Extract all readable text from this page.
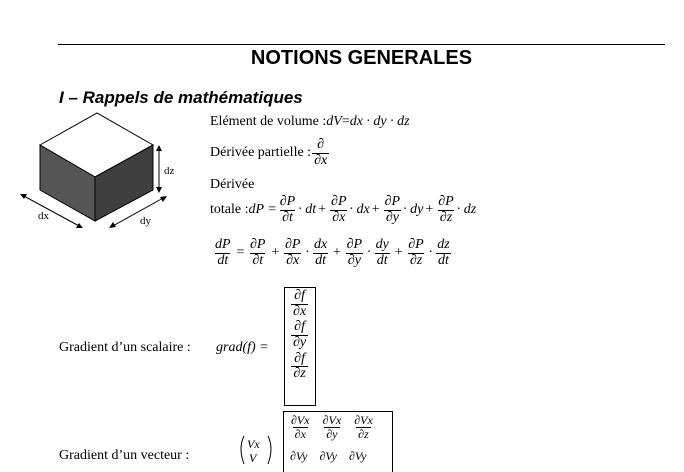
NOTIONS GENERALES
I – Rappels de mathématiques
dz
dx	dy
Elément de volume : dV = dx · dy · dz
Dérivée partielle : $\frac{\partial}{\partial x}$
Dérivée
totale : dP = $\frac{\partial P}{\partial t}$ · dt + $\frac{\partial P}{\partial x}$ · dx + $\frac{\partial P}{\partial y}$ · dy + $\frac{\partial P}{\partial z}$ · dz
$\frac{dP}{dt} = \frac{\partial P}{\partial t} + \frac{\partial P}{\partial x} \cdot \frac{dx}{dt} + \frac{\partial P}{\partial y} \cdot \frac{dy}{dt} + \frac{\partial P}{\partial z} \cdot \frac{dz}{dt}$
Gradient d’un scalaire : grad(f) =
$\frac{\partial f}{\partial x}$
$\frac{\partial f}{\partial y}$
$\frac{\partial f}{\partial z}$
Gradient d’un vecteur :
Vx
V
$\frac{\partial Vx}{\partial x} \frac{\partial Vx}{\partial y} \frac{\partial Vx}{\partial z}$
∂Vy ∂Vy ∂Vy
